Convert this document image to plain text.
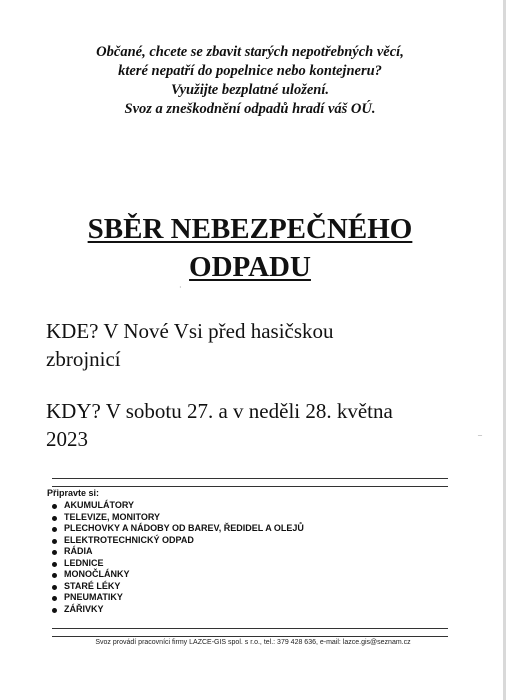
Občané, chcete se zbavit starých nepotřebných věcí,
které nepatří do popelnice nebo kontejneru?
Využijte bezplatné uložení.
Svoz a zneškodnění odpadů hradí váš OÚ.
SBĚR NEBEZPEČNÉHO
ODPADU
·
–
KDE? V Nové Vsi před hasičskou
zbrojnicí
KDY? V sobotu 27. a v neděli 28. května
2023
Připravte si:
AKUMULÁTORY
TELEVIZE, MONITORY
PLECHOVKY A NÁDOBY OD BAREV, ŘEDIDEL A OLEJŮ
ELEKTROTECHNICKÝ ODPAD
RÁDIA
LEDNICE
MONOČLÁNKY
STARÉ LÉKY
PNEUMATIKY
ZÁŘIVKY
Svoz provádí pracovníci firmy LAZCE-GIS spol. s r.o., tel.: 379 428 636, e-mail: lazce.gis@seznam.cz
